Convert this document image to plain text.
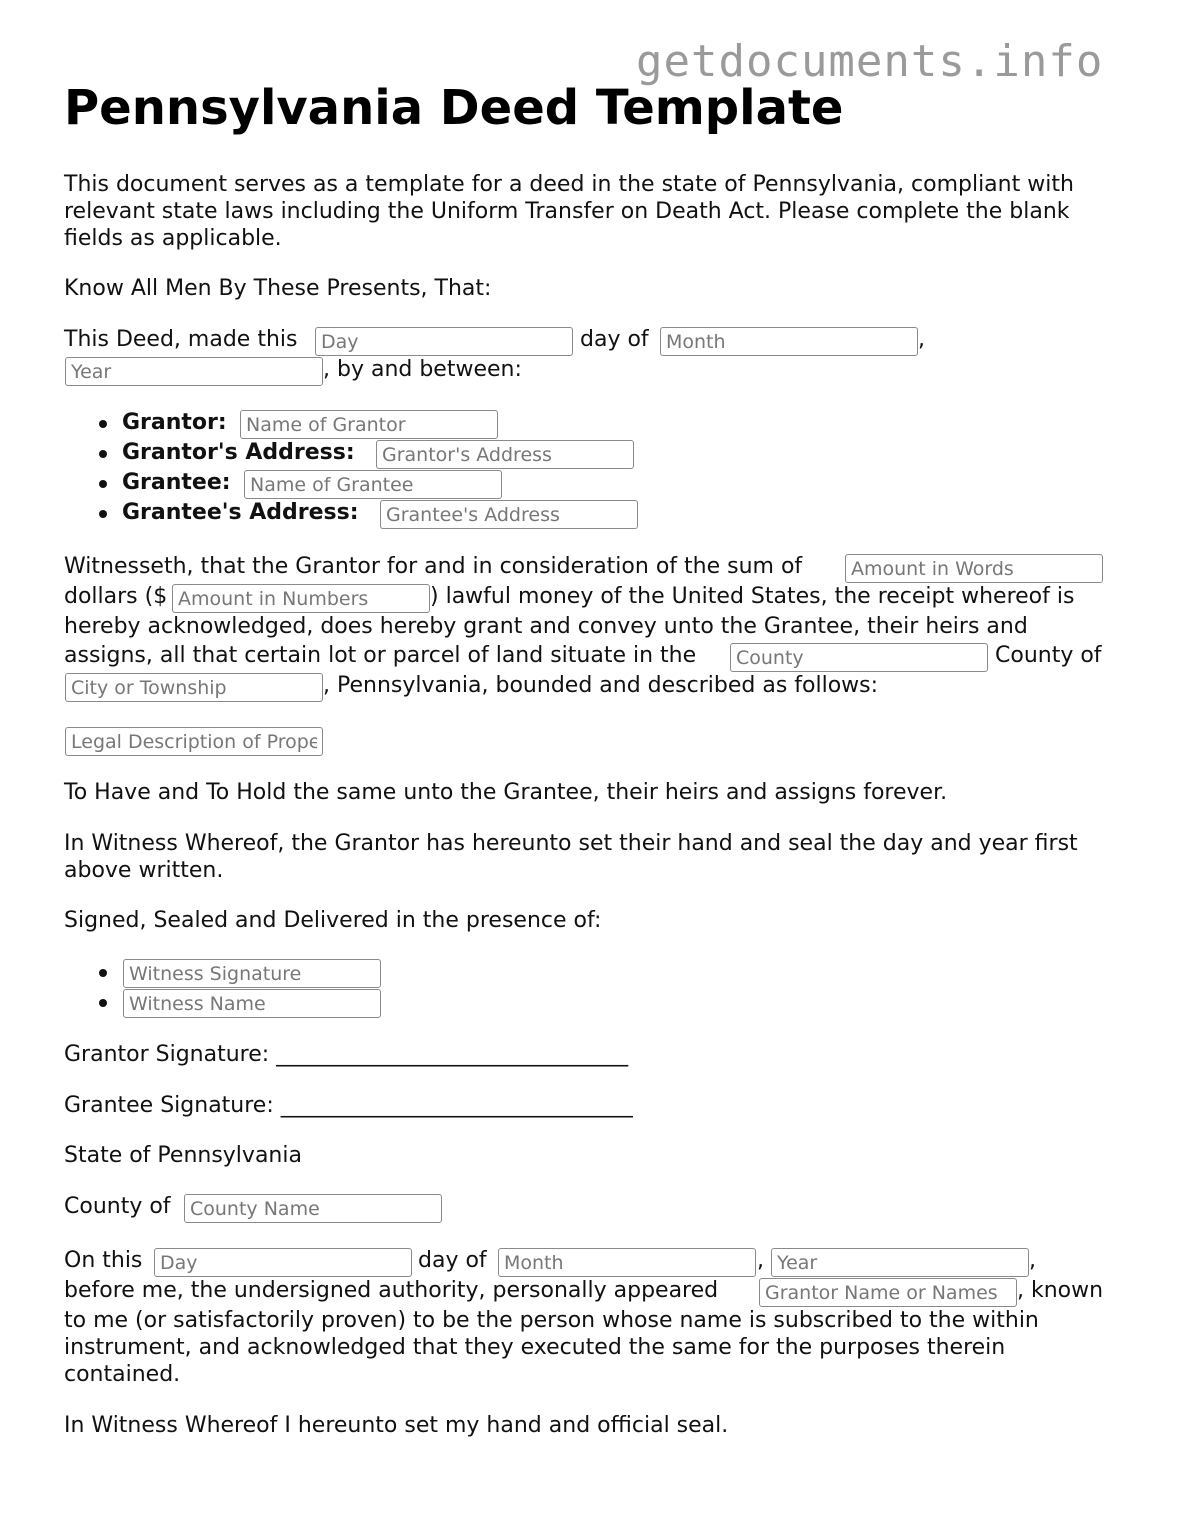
getdocuments.info
Pennsylvania Deed Template

This document serves as a template for a deed in the state of Pennsylvania, compliant with relevant state laws including the Uniform Transfer on Death Act. Please complete the blank fields as applicable.

Know All Men By These Presents, That:
This Deed, made this
Day	day of
Month	,
Year
, by and between:
Grantor:
Name of Grantor
Grantor's Address:
Grantor's Address
Grantee:
Name of Grantee
Grantee's Address:
Grantee's Address
Witnesseth, that the Grantor for and in consideration of the sum of
Amount in Words
dollars ($
Amount in Numbers	) lawful money of the United States, the receipt whereof is
hereby acknowledged, does hereby grant and convey unto the Grantee, their heirs and
assigns, all that certain lot or parcel of land situate in the
County	County of
City or Township
, Pennsylvania, bounded and described as follows:
Legal Description of Property
To Have and To Hold the same unto the Grantee, their heirs and assigns forever.

In Witness Whereof, the Grantor has hereunto set their hand and seal the day and year first above written.

Signed, Sealed and Delivered in the presence of:
Witness Signature
Witness Name
Grantor Signature: ________________________________
Grantee Signature: ________________________________
State of Pennsylvania
County of
County Name
On this
Day	day of
Month	,
Year	,
before me, the undersigned authority, personally appeared
Grantor Name or Names	, known

to me (or satisfactorily proven) to be the person whose name is subscribed to the within instrument, and acknowledged that they executed the same for the purposes therein contained.

In Witness Whereof I hereunto set my hand and official seal.
